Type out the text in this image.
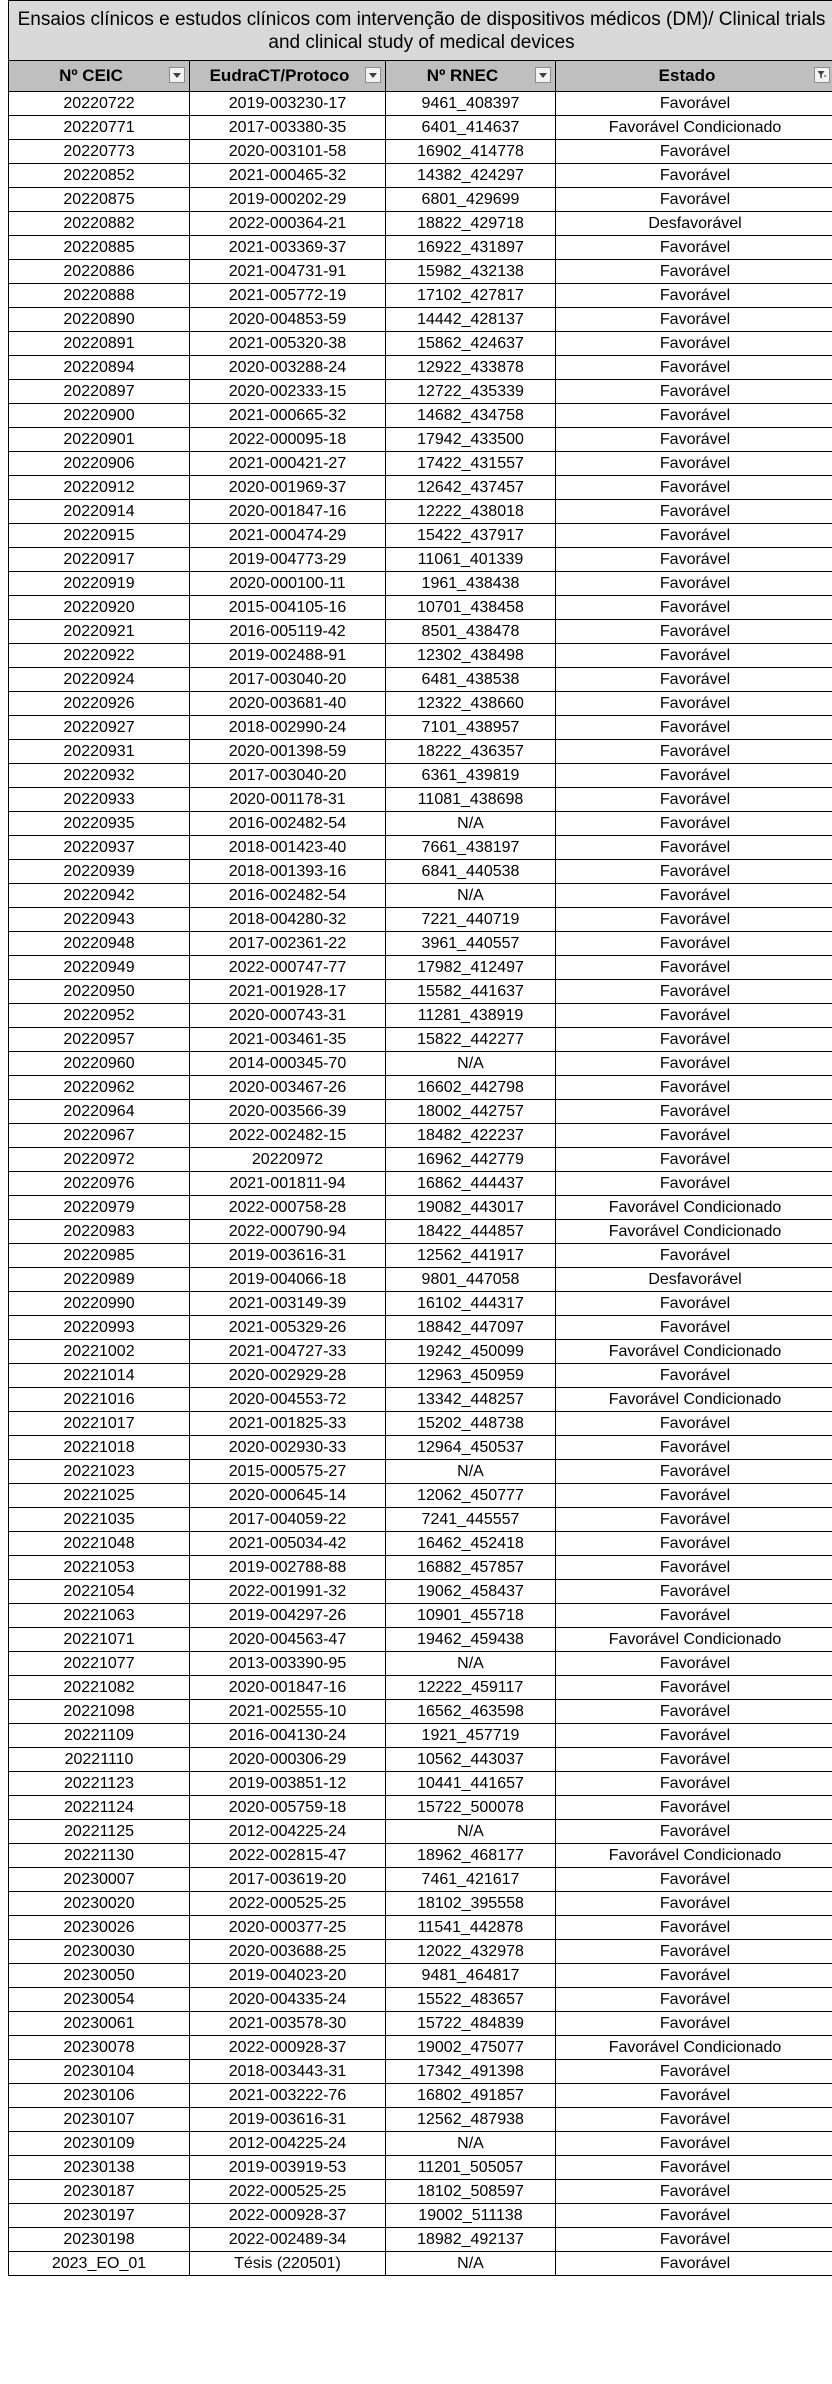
Ensaios clínicos e estudos clínicos com intervenção de dispositivos médicos (DM)/ Clinical trials and clinical study of medical devices			
Nº CEIC	EudraCT/Protoco	Nº RNEC	Estado

20220722	2019-003230-17	9461_408397	Favorável
20220771	2017-003380-35	6401_414637	Favorável Condicionado
20220773	2020-003101-58	16902_414778	Favorável
20220852	2021-000465-32	14382_424297	Favorável
20220875	2019-000202-29	6801_429699	Favorável
20220882	2022-000364-21	18822_429718	Desfavorável
20220885	2021-003369-37	16922_431897	Favorável
20220886	2021-004731-91	15982_432138	Favorável
20220888	2021-005772-19	17102_427817	Favorável
20220890	2020-004853-59	14442_428137	Favorável
20220891	2021-005320-38	15862_424637	Favorável
20220894	2020-003288-24	12922_433878	Favorável
20220897	2020-002333-15	12722_435339	Favorável
20220900	2021-000665-32	14682_434758	Favorável
20220901	2022-000095-18	17942_433500	Favorável
20220906	2021-000421-27	17422_431557	Favorável
20220912	2020-001969-37	12642_437457	Favorável
20220914	2020-001847-16	12222_438018	Favorável
20220915	2021-000474-29	15422_437917	Favorável
20220917	2019-004773-29	11061_401339	Favorável
20220919	2020-000100-11	1961_438438	Favorável
20220920	2015-004105-16	10701_438458	Favorável
20220921	2016-005119-42	8501_438478	Favorável
20220922	2019-002488-91	12302_438498	Favorável
20220924	2017-003040-20	6481_438538	Favorável
20220926	2020-003681-40	12322_438660	Favorável
20220927	2018-002990-24	7101_438957	Favorável
20220931	2020-001398-59	18222_436357	Favorável
20220932	2017-003040-20	6361_439819	Favorável
20220933	2020-001178-31	11081_438698	Favorável
20220935	2016-002482-54	N/A	Favorável
20220937	2018-001423-40	7661_438197	Favorável
20220939	2018-001393-16	6841_440538	Favorável
20220942	2016-002482-54	N/A	Favorável
20220943	2018-004280-32	7221_440719	Favorável
20220948	2017-002361-22	3961_440557	Favorável
20220949	2022-000747-77	17982_412497	Favorável
20220950	2021-001928-17	15582_441637	Favorável
20220952	2020-000743-31	11281_438919	Favorável
20220957	2021-003461-35	15822_442277	Favorável
20220960	2014-000345-70	N/A	Favorável
20220962	2020-003467-26	16602_442798	Favorável
20220964	2020-003566-39	18002_442757	Favorável
20220967	2022-002482-15	18482_422237	Favorável
20220972	20220972	16962_442779	Favorável
20220976	2021-001811-94	16862_444437	Favorável
20220979	2022-000758-28	19082_443017	Favorável Condicionado
20220983	2022-000790-94	18422_444857	Favorável Condicionado
20220985	2019-003616-31	12562_441917	Favorável
20220989	2019-004066-18	9801_447058	Desfavorável
20220990	2021-003149-39	16102_444317	Favorável
20220993	2021-005329-26	18842_447097	Favorável
20221002	2021-004727-33	19242_450099	Favorável Condicionado
20221014	2020-002929-28	12963_450959	Favorável
20221016	2020-004553-72	13342_448257	Favorável Condicionado
20221017	2021-001825-33	15202_448738	Favorável
20221018	2020-002930-33	12964_450537	Favorável
20221023	2015-000575-27	N/A	Favorável
20221025	2020-000645-14	12062_450777	Favorável
20221035	2017-004059-22	7241_445557	Favorável
20221048	2021-005034-42	16462_452418	Favorável
20221053	2019-002788-88	16882_457857	Favorável
20221054	2022-001991-32	19062_458437	Favorável
20221063	2019-004297-26	10901_455718	Favorável
20221071	2020-004563-47	19462_459438	Favorável Condicionado
20221077	2013-003390-95	N/A	Favorável
20221082	2020-001847-16	12222_459117	Favorável
20221098	2021-002555-10	16562_463598	Favorável
20221109	2016-004130-24	1921_457719	Favorável
20221110	2020-000306-29	10562_443037	Favorável
20221123	2019-003851-12	10441_441657	Favorável
20221124	2020-005759-18	15722_500078	Favorável
20221125	2012-004225-24	N/A	Favorável
20221130	2022-002815-47	18962_468177	Favorável Condicionado
20230007	2017-003619-20	7461_421617	Favorável
20230020	2022-000525-25	18102_395558	Favorável
20230026	2020-000377-25	11541_442878	Favorável
20230030	2020-003688-25	12022_432978	Favorável
20230050	2019-004023-20	9481_464817	Favorável
20230054	2020-004335-24	15522_483657	Favorável
20230061	2021-003578-30	15722_484839	Favorável
20230078	2022-000928-37	19002_475077	Favorável Condicionado
20230104	2018-003443-31	17342_491398	Favorável
20230106	2021-003222-76	16802_491857	Favorável
20230107	2019-003616-31	12562_487938	Favorável
20230109	2012-004225-24	N/A	Favorável
20230138	2019-003919-53	11201_505057	Favorável
20230187	2022-000525-25	18102_508597	Favorável
20230197	2022-000928-37	19002_511138	Favorável
20230198	2022-002489-34	18982_492137	Favorável
2023_EO_01	Tésis (220501)	N/A	Favorável
